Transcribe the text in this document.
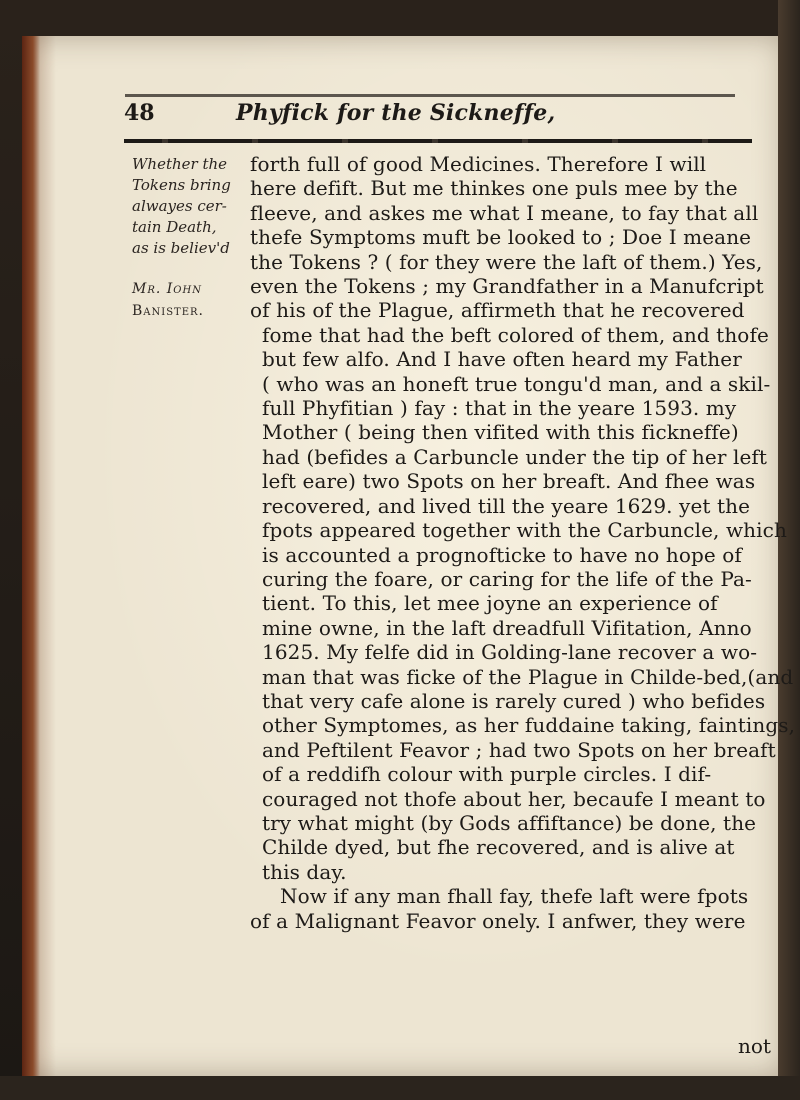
48	Phyfick for the Sickneffe,
Whether the
Tokens bring
alwayes cer-
tain Death,
as is believ'd
Mr. Iohn
Banister.
forth full of good Medicines. Therefore I will
here defift. But me thinkes one puls mee by the
fleeve, and askes me what I meane, to fay that all
thefe Symptoms muft be looked to ; Doe I meane
the Tokens ? ( for they were the laft of them.) Yes,
even the Tokens ; my Grandfather in a Manufcript
of his of the Plague, affirmeth that he recovered
fome that had the beft colored of them, and thofe
but few alfo. And I have often heard my Father
( who was an honeft true tongu'd man, and a skil-
full Phyfitian ) fay : that in the yeare 1593. my
Mother ( being then vifited with this fickneffe)
had (befides a Carbuncle under the tip of her left
left eare) two Spots on her breaft. And fhee was
recovered, and lived till the yeare 1629. yet the
fpots appeared together with the Carbuncle, which
is accounted a prognofticke to have no hope of
curing the foare, or caring for the life of the Pa-
tient. To this, let mee joyne an experience of
mine owne, in the laft dreadfull Vifitation, Anno
1625. My felfe did in Golding-lane recover a wo-
man that was ficke of the Plague in Childe-bed,(and
that very cafe alone is rarely cured ) who befides
other Symptomes, as her fuddaine taking, faintings,
and Peftilent Feavor ; had two Spots on her breaft
of a reddifh colour with purple circles. I dif-
couraged not thofe about her, becaufe I meant to
try what might (by Gods affiftance) be done, the
Childe dyed, but fhe recovered, and is alive at
this day.
Now if any man fhall fay, thefe laft were fpots
of a Malignant Feavor onely. I anfwer, they were
not
